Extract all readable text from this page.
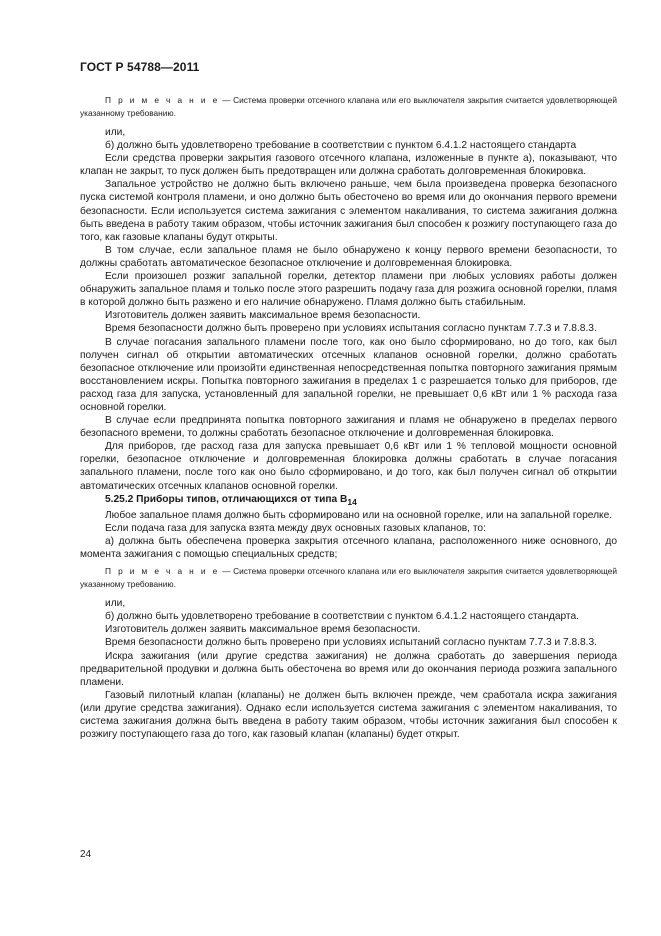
ГОСТ Р 54788—2011

П р и м е ч а н и е — Система проверки отсечного клапана или его выключателя закрытия считается удовлетворяющей указанному требованию.

или,

б) должно быть удовлетворено требование в соответствии с пунктом 6.4.1.2 настоящего стандарта

Если средства проверки закрытия газового отсечного клапана, изложенные в пункте а), показывают, что клапан не закрыт, то пуск должен быть предотвращен или должна сработать долговременная блокировка.

Запальное устройство не должно быть включено раньше, чем была произведена проверка безопасного пуска системой контроля пламени, и оно должно быть обесточено во время или до окончания первого времени безопасности. Если используется система зажигания с элементом накаливания, то система зажигания должна быть введена в работу таким образом, чтобы источник зажигания был способен к розжигу поступающего газа до того, как газовые клапаны будут открыты.

В том случае, если запальное пламя не было обнаружено к концу первого времени безопасности, то должны сработать автоматическое безопасное отключение и долговременная блокировка.

Если произошел розжиг запальной горелки, детектор пламени при любых условиях работы должен обнаружить запальное пламя и только после этого разрешить подачу газа для розжига основной горелки, пламя в которой должно быть разжено и его наличие обнаружено. Пламя должно быть стабильным.

Изготовитель должен заявить максимальное время безопасности.

Время безопасности должно быть проверено при условиях испытания согласно пунктам 7.7.3 и 7.8.8.3.

В случае погасания запального пламени после того, как оно было сформировано, но до того, как был получен сигнал об открытии автоматических отсечных клапанов основной горелки, должно сработать безопасное отключение или произойти единственная непосредственная попытка повторного зажигания прямым восстановлением искры. Попытка повторного зажигания в пределах 1 с разрешается только для приборов, где расход газа для запуска, установленный для запальной горелки, не превышает 0,6 кВт или 1 % расхода газа основной горелки.

В случае если предпринята попытка повторного зажигания и пламя не обнаружено в пределах первого безопасного времени, то должны сработать безопасное отключение и долговременная блокировка.

Для приборов, где расход газа для запуска превышает 0,6 кВт или 1 % тепловой мощности основной горелки, безопасное отключение и долговременная блокировка должны сработать в случае погасания запального пламени, после того как оно было сформировано, и до того, как был получен сигнал об открытии автоматических отсечных клапанов основной горелки.

5.25.2 Приборы типов, отличающихся от типа $B_{14}$

Любое запальное пламя должно быть сформировано или на основной горелке, или на запальной горелке.

Если подача газа для запуска взята между двух основных газовых клапанов, то:

а) должна быть обеспечена проверка закрытия отсечного клапана, расположенного ниже основного, до момента зажигания с помощью специальных средств;

П р и м е ч а н и е — Система проверки отсечного клапана или его выключателя закрытия считается удовлетворяющей указанному требованию.

или,

б) должно быть удовлетворено требование в соответствии с пунктом 6.4.1.2 настоящего стандарта.

Изготовитель должен заявить максимальное время безопасности.

Время безопасности должно быть проверено при условиях испытаний согласно пунктам 7.7.3 и 7.8.8.3.

Искра зажигания (или другие средства зажигания) не должна сработать до завершения периода предварительной продувки и должна быть обесточена во время или до окончания периода розжига запального пламени.

Газовый пилотный клапан (клапаны) не должен быть включен прежде, чем сработала искра зажигания (или другие средства зажигания). Однако если используется система зажигания с элементом накаливания, то система зажигания должна быть введена в работу таким образом, чтобы источник зажигания был способен к розжигу поступающего газа до того, как газовый клапан (клапаны) будет открыт.

24
